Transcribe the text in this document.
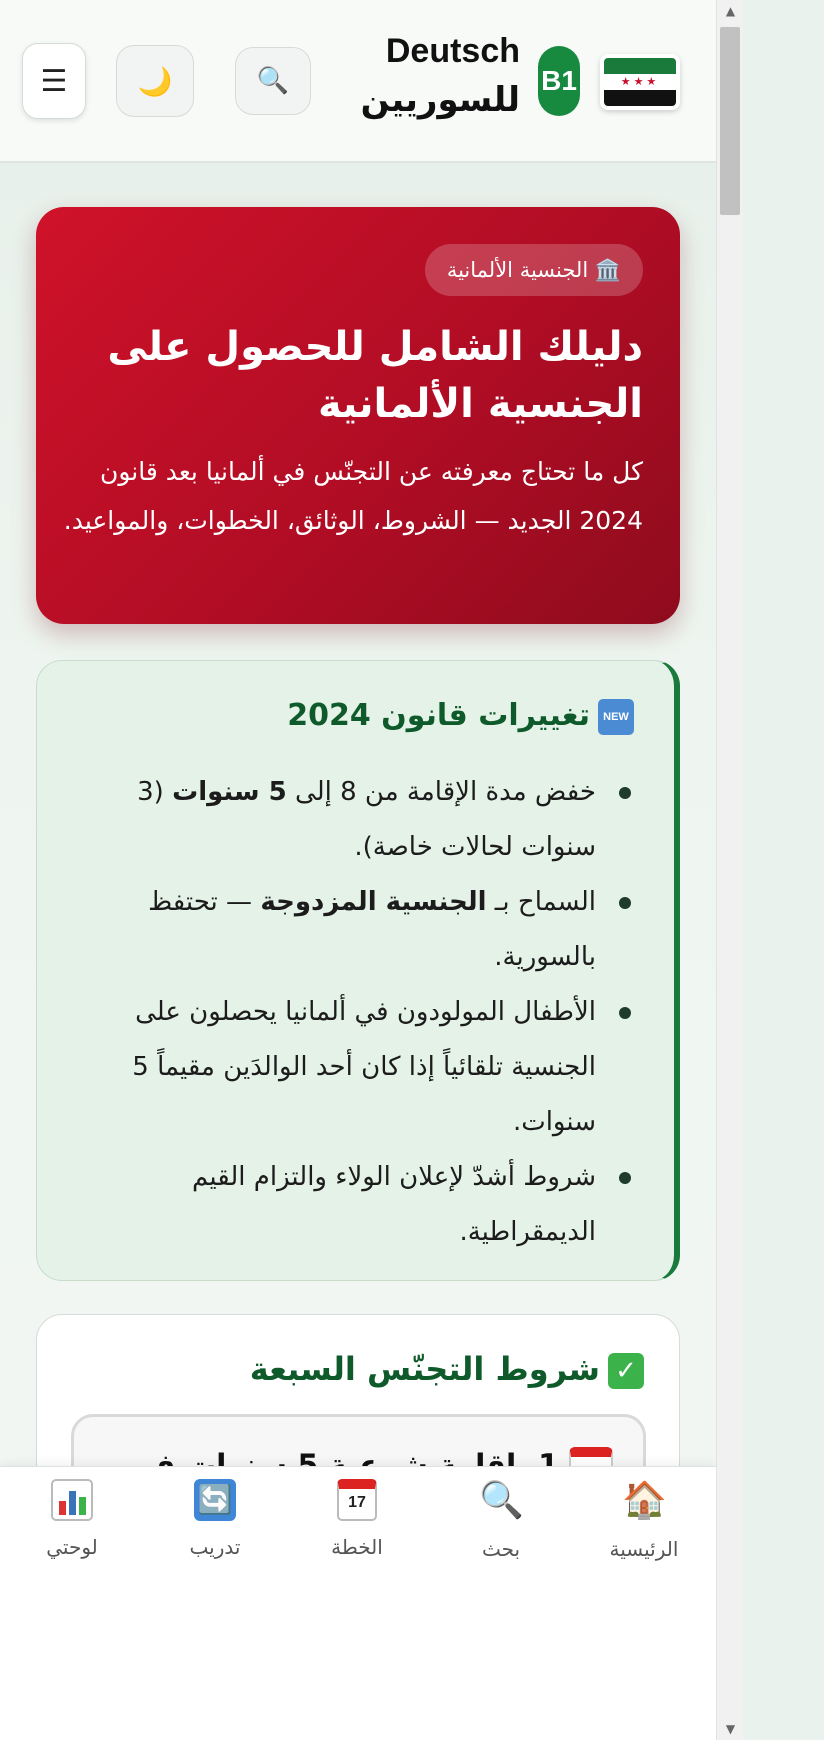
☰	🌙	🔍
Deutsch
للسوريين B1	★★★
🏛️ الجنسية الألمانية
دليلك الشامل للحصول على الجنسية الألمانية

كل ما تحتاج معرفته عن التجنّس في ألمانيا بعد قانون 2024 الجديد — الشروط، الوثائق، الخطوات، والمواعيد.

NEWتغييرات قانون 2024
خفض مدة الإقامة من 8 إلى 5 سنوات (3 سنوات لحالات خاصة).
السماح بـ الجنسية المزدوجة — تحتفظ بالسورية.
الأطفال المولودون في ألمانيا يحصلون على الجنسية تلقائياً إذا كان أحد الوالدَين مقيماً 5 سنوات.
شروط أشدّ لإعلان الولاء والتزام القيم الديمقراطية.
✓شروط التجنّس السبعة
🏠
الرئيسية
🔍
بحث
17
الخطة
🔄
تدريب
لوحتي
▲
▼
